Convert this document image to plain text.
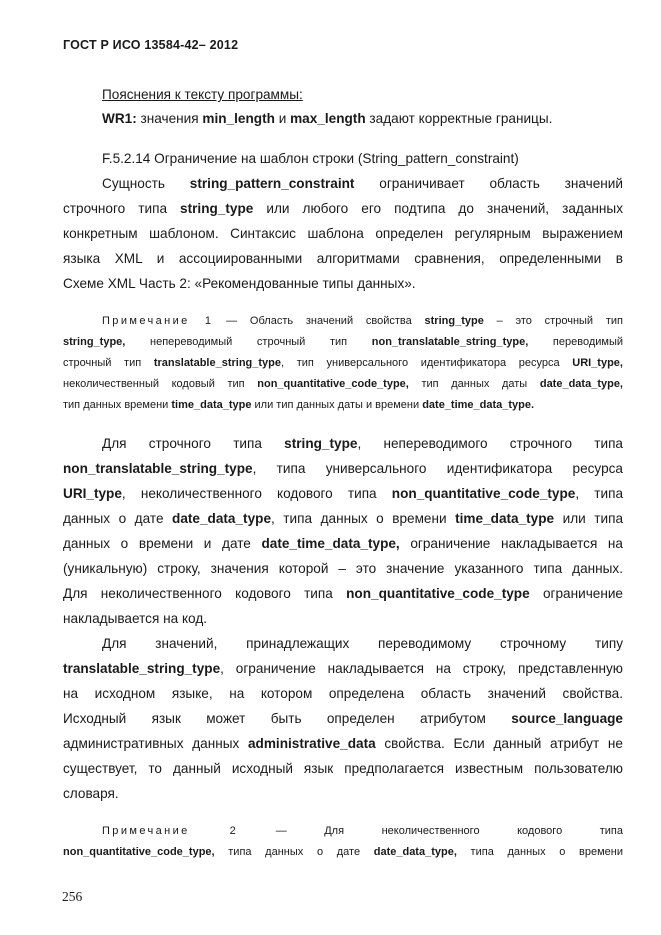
ГОСТ Р ИСО 13584-42– 2012
Пояснения к тексту программы:
WR1: значения min_length и max_length задают корректные границы.
F.5.2.14 Ограничение на шаблон строки (String_pattern_constraint)
Сущность string_pattern_constraint ограничивает область значений
строчного типа string_type или любого его подтипа до значений, заданных
конкретным шаблоном. Синтаксис шаблона определен регулярным выражением
языка XML и ассоциированными алгоритмами сравнения, определенными в
Схеме XML Часть 2: «Рекомендованные типы данных».
Примечание 1 — Область значений свойства string_type – это строчный тип
string_type, непереводимый строчный тип non_translatable_string_type, переводимый
строчный тип translatable_string_type, тип универсального идентификатора ресурса URI_type,
неколичественный кодовый тип non_quantitative_code_type, тип данных даты date_data_type,
тип данных времени time_data_type или тип данных даты и времени date_time_data_type.
Для строчного типа string_type, непереводимого строчного типа
non_translatable_string_type, типа универсального идентификатора ресурса
URI_type, неколичественного кодового типа non_quantitative_code_type, типа
данных о дате date_data_type, типа данных о времени time_data_type или типа
данных о времени и дате date_time_data_type, ограничение накладывается на
(уникальную) строку, значения которой – это значение указанного типа данных.
Для неколичественного кодового типа non_quantitative_code_type ограничение
накладывается на код.
Для значений, принадлежащих переводимому строчному типу
translatable_string_type, ограничение накладывается на строку, представленную
на исходном языке, на котором определена область значений свойства.
Исходный язык может быть определен атрибутом source_language
административных данных administrative_data свойства. Если данный атрибут не
существует, то данный исходный язык предполагается известным пользователю
словаря.
Примечание 2 — Для неколичественного кодового типа
non_quantitative_code_type, типа данных о дате date_data_type, типа данных о времени
256
